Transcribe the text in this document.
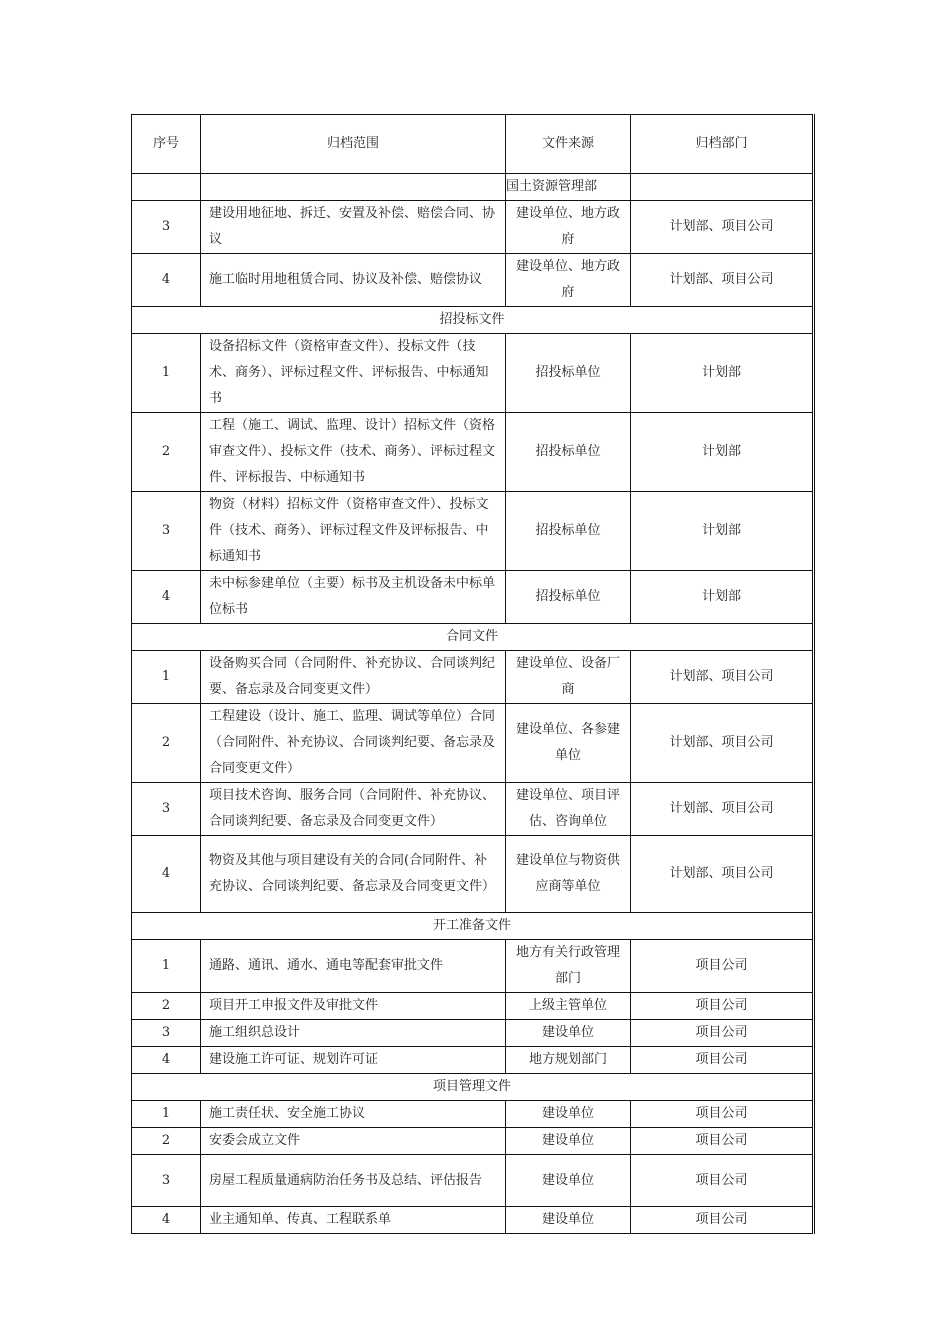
序号	归档范围	文件来源	归档部门
		国土资源管理部	
3	建设用地征地、拆迁、安置及补偿、赔偿合同、协议	建设单位、地方政府	计划部、项目公司
4	施工临时用地租赁合同、协议及补偿、赔偿协议	建设单位、地方政府	计划部、项目公司
招投标文件			
1	设备招标文件（资格审查文件）、投标文件（技术、商务）、评标过程文件、评标报告、中标通知书	招投标单位	计划部
2	工程（施工、调试、监理、设计）招标文件（资格审查文件）、投标文件（技术、商务）、评标过程文件、评标报告、中标通知书	招投标单位	计划部
3	物资（材料）招标文件（资格审查文件）、投标文件（技术、商务）、评标过程文件及评标报告、中标通知书	招投标单位	计划部
4	未中标参建单位（主要）标书及主机设备未中标单位标书	招投标单位	计划部
合同文件			
1	设备购买合同（合同附件、补充协议、合同谈判纪要、备忘录及合同变更文件）	建设单位、设备厂商	计划部、项目公司
2	工程建设（设计、施工、监理、调试等单位）合同（合同附件、补充协议、合同谈判纪要、备忘录及合同变更文件）	建设单位、各参建单位	计划部、项目公司
3	项目技术咨询、服务合同（合同附件、补充协议、合同谈判纪要、备忘录及合同变更文件）	建设单位、项目评估、咨询单位	计划部、项目公司
4	物资及其他与项目建设有关的合同(合同附件、补充协议、合同谈判纪要、备忘录及合同变更文件）	建设单位与物资供应商等单位	计划部、项目公司
开工准备文件			
1	通路、通讯、通水、通电等配套审批文件	地方有关行政管理部门	项目公司
2	项目开工申报文件及审批文件	上级主管单位	项目公司
3	施工组织总设计	建设单位	项目公司
4	建设施工许可证、规划许可证	地方规划部门	项目公司
项目管理文件			
1	施工责任状、安全施工协议	建设单位	项目公司
2	安委会成立文件	建设单位	项目公司
3	房屋工程质量通病防治任务书及总结、评估报告	建设单位	项目公司
4	业主通知单、传真、工程联系单	建设单位	项目公司
